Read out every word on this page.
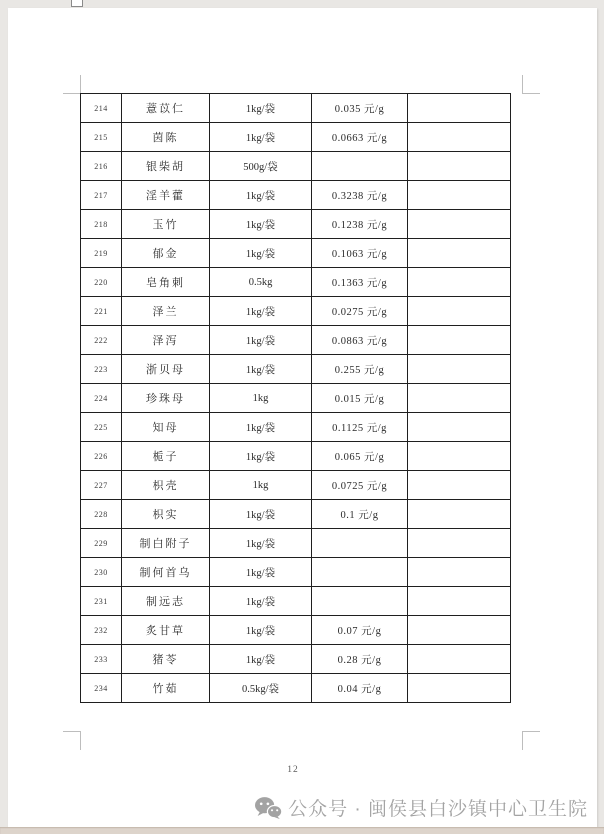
214	薏苡仁	1kg/袋	0.035 元/g	
215	茵陈	1kg/袋	0.0663 元/g	
216	银柴胡	500g/袋		
217	淫羊藿	1kg/袋	0.3238 元/g	
218	玉竹	1kg/袋	0.1238 元/g	
219	郁金	1kg/袋	0.1063 元/g	
220	皂角刺	0.5kg	0.1363 元/g	
221	泽兰	1kg/袋	0.0275 元/g	
222	泽泻	1kg/袋	0.0863 元/g	
223	浙贝母	1kg/袋	0.255 元/g	
224	珍珠母	1kg	0.015 元/g	
225	知母	1kg/袋	0.1125 元/g	
226	栀子	1kg/袋	0.065 元/g	
227	枳壳	1kg	0.0725 元/g	
228	枳实	1kg/袋	0.1 元/g	
229	制白附子	1kg/袋		
230	制何首乌	1kg/袋		
231	制远志	1kg/袋		
232	炙甘草	1kg/袋	0.07 元/g	
233	猪苓	1kg/袋	0.28 元/g	
234	竹茹	0.5kg/袋	0.04 元/g	
12
公众号 · 闽侯县白沙镇中心卫生院
